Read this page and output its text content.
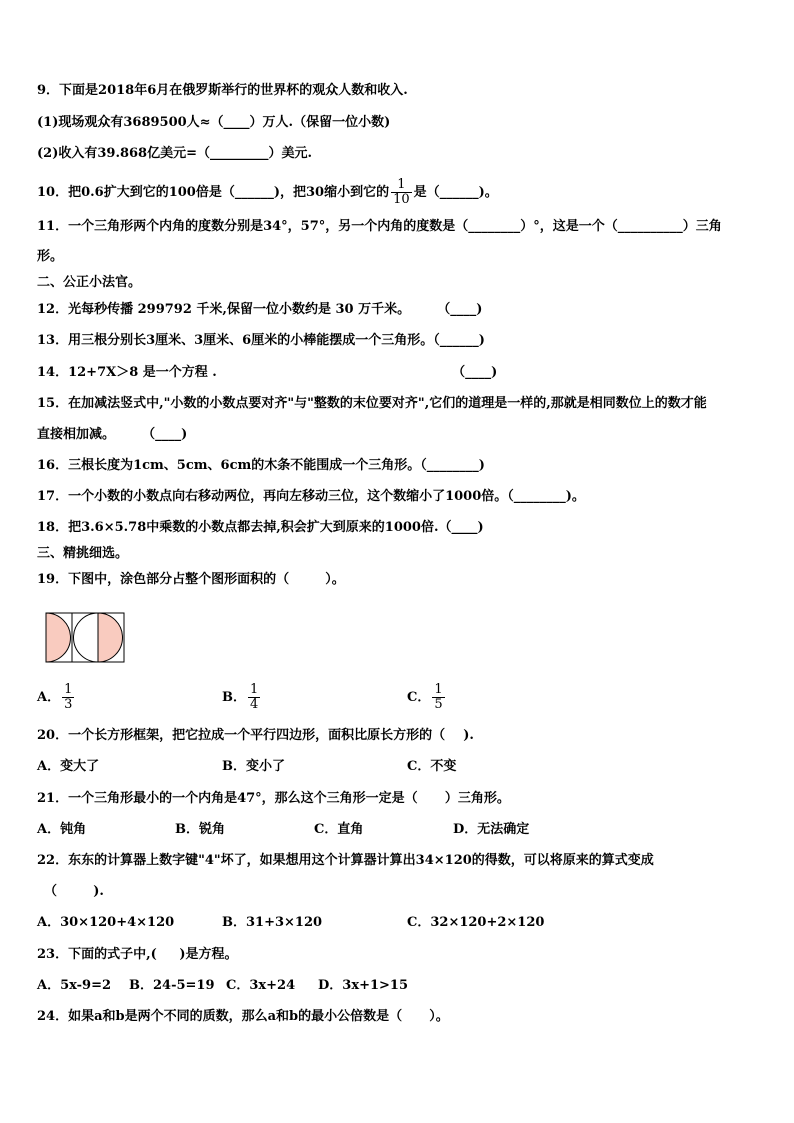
9．下面是2018年6月在俄罗斯举行的世界杯的观众人数和收入.
(1)现场观众有3689500人≈（____）万人.（保留一位小数)
(2)收入有39.868亿美元=（_________）美元.
10．把0.6扩大到它的100倍是（______)，把30缩小到它的 $\frac{1}{10}$ 是（______)。
11．一个三角形两个内角的度数分别是34°，57°，另一个内角的度数是（________）°，这是一个（__________）三角
形。
二、公正小法官。
12．光每秒传播 299792 千米,保留一位小数约是 30 万千米。      （____)
13．用三根分别长3厘米、3厘米、6厘米的小棒能摆成一个三角形。（______)
14．12+7X＞8 是一个方程 .                                                    （____)
15．在加减法竖式中,"小数的小数点要对齐"与"整数的末位要对齐",它们的道理是一样的,那就是相同数位上的数才能
直接相加减。      （____)
16．三根长度为1cm、5cm、6cm的木条不能围成一个三角形。（________)
17．一个小数的小数点向右移动两位，再向左移动三位，这个数缩小了1000倍。（________)。
18．把3.6×5.78中乘数的小数点都去掉,积会扩大到原来的1000倍.（____)
三、精挑细选。
19．下图中，涂色部分占整个图形面积的（        ）。
A． $\frac{1}{3}$	B． $\frac{1}{4}$	C． $\frac{1}{5}$
20．一个长方形框架，把它拉成一个平行四边形，面积比原长方形的（    ).
A．变大了	B．变小了	C．不变
21．一个三角形最小的一个内角是47°，那么这个三角形一定是（      ）三角形。
A．钝角	B．锐角	C．直角	D．无法确定
22．东东的计算器上数字键"4"坏了，如果想用这个计算器计算出34×120的得数，可以将原来的算式变成
（        ).
A．30×120+4×120	B．31+3×120	C．32×120+2×120
23．下面的式子中,(     )是方程。
A．5x-9=2 B．24-5=19 C．3x+24 D．3x+1>15
24．如果a和b是两个不同的质数，那么a和b的最小公倍数是（      ）。
